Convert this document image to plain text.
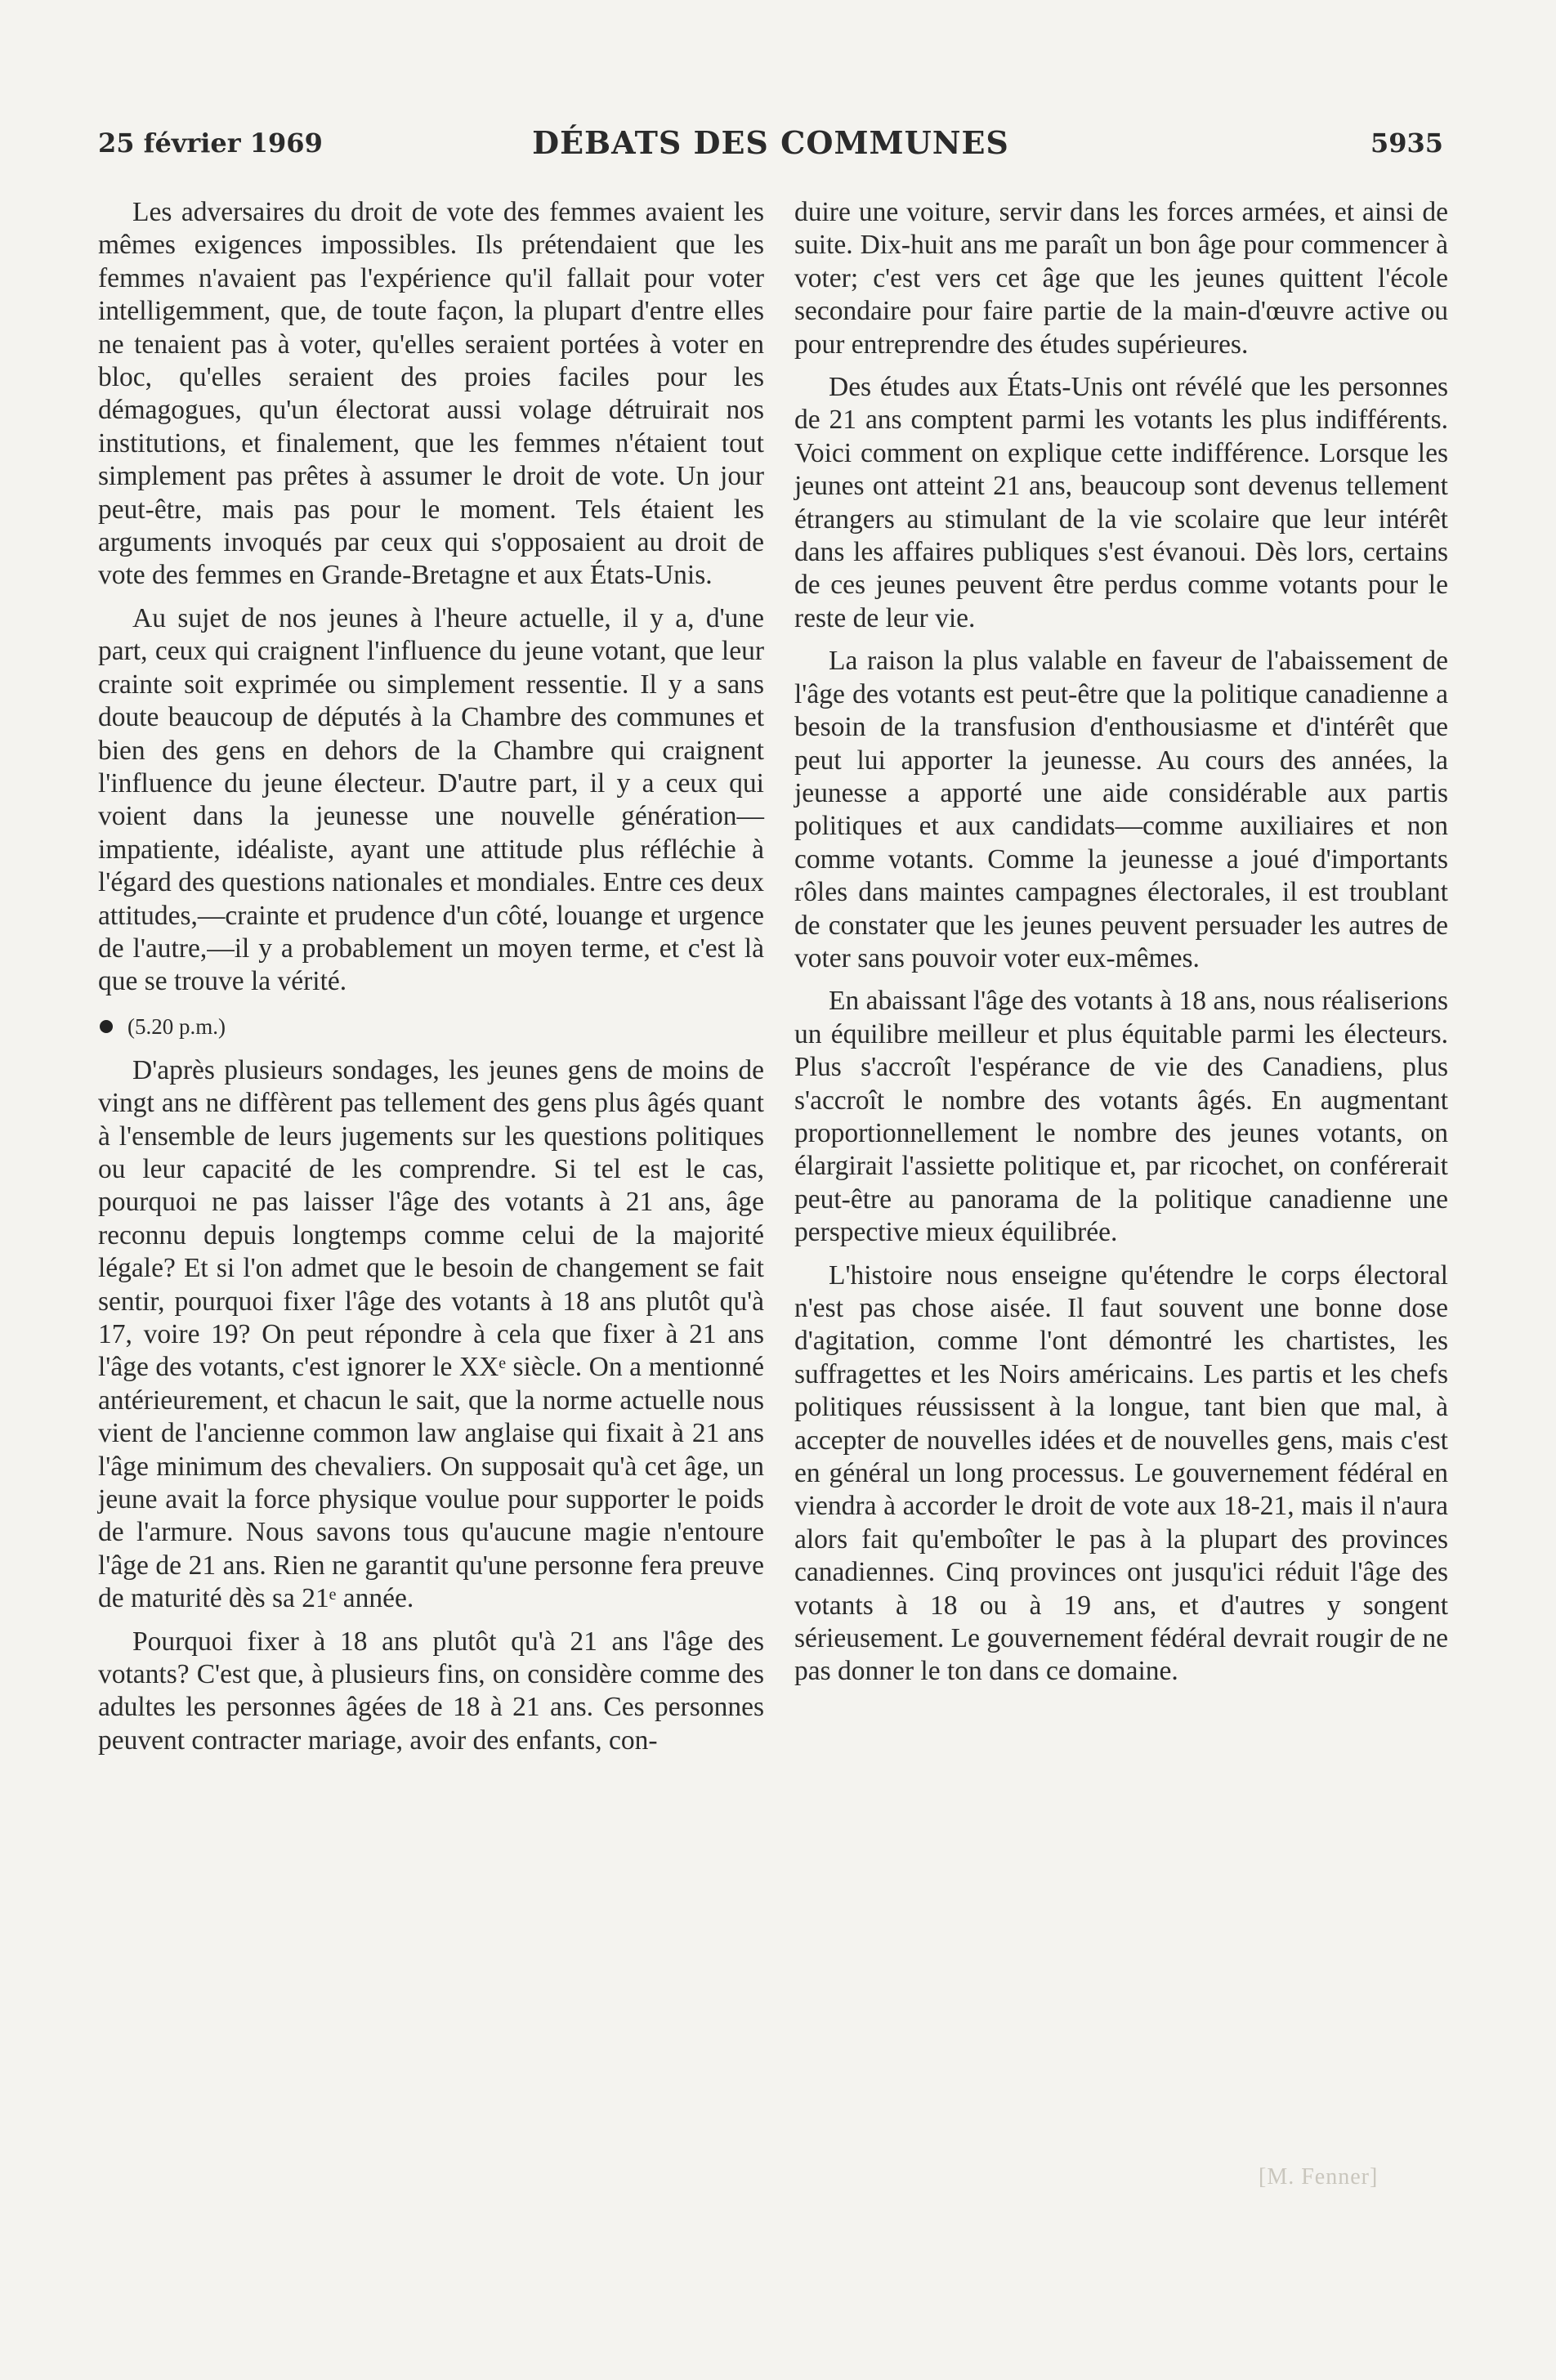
25 février 1969	DÉBATS DES COMMUNES	5935

Les adversaires du droit de vote des femmes avaient les mêmes exigences impossibles. Ils prétendaient que les femmes n'avaient pas l'expérience qu'il fallait pour voter intelligemment, que, de toute façon, la plupart d'entre elles ne tenaient pas à voter, qu'elles seraient portées à voter en bloc, qu'elles seraient des proies faciles pour les démagogues, qu'un électorat aussi volage détruirait nos institutions, et finalement, que les femmes n'étaient tout simplement pas prêtes à assumer le droit de vote. Un jour peut-être, mais pas pour le moment. Tels étaient les arguments invoqués par ceux qui s'opposaient au droit de vote des femmes en Grande-Bretagne et aux États-Unis.

Au sujet de nos jeunes à l'heure actuelle, il y a, d'une part, ceux qui craignent l'influence du jeune votant, que leur crainte soit exprimée ou simplement ressentie. Il y a sans doute beaucoup de députés à la Chambre des communes et bien des gens en dehors de la Chambre qui craignent l'influence du jeune électeur. D'autre part, il y a ceux qui voient dans la jeunesse une nouvelle génération— impatiente, idéaliste, ayant une attitude plus réfléchie à l'égard des questions nationales et mondiales. Entre ces deux attitudes,—crainte et prudence d'un côté, louange et urgence de l'autre,—il y a probablement un moyen terme, et c'est là que se trouve la vérité.

(5.20 p.m.)

D'après plusieurs sondages, les jeunes gens de moins de vingt ans ne diffèrent pas tellement des gens plus âgés quant à l'ensemble de leurs jugements sur les questions politiques ou leur capacité de les comprendre. Si tel est le cas, pourquoi ne pas laisser l'âge des votants à 21 ans, âge reconnu depuis longtemps comme celui de la majorité légale? Et si l'on admet que le besoin de changement se fait sentir, pourquoi fixer l'âge des votants à 18 ans plutôt qu'à 17, voire 19? On peut répondre à cela que fixer à 21 ans l'âge des votants, c'est ignorer le XXᵉ siècle. On a mentionné antérieurement, et chacun le sait, que la norme actuelle nous vient de l'ancienne common law anglaise qui fixait à 21 ans l'âge minimum des chevaliers. On supposait qu'à cet âge, un jeune avait la force physique voulue pour supporter le poids de l'armure. Nous savons tous qu'aucune magie n'entoure l'âge de 21 ans. Rien ne garantit qu'une personne fera preuve de maturité dès sa 21ᵉ année.

Pourquoi fixer à 18 ans plutôt qu'à 21 ans l'âge des votants? C'est que, à plusieurs fins, on considère comme des adultes les personnes âgées de 18 à 21 ans. Ces personnes peuvent contracter mariage, avoir des enfants, con-

duire une voiture, servir dans les forces armées, et ainsi de suite. Dix-huit ans me paraît un bon âge pour commencer à voter; c'est vers cet âge que les jeunes quittent l'école secondaire pour faire partie de la main-d'œuvre active ou pour entreprendre des études supérieures.

Des études aux États-Unis ont révélé que les personnes de 21 ans comptent parmi les votants les plus indifférents. Voici comment on explique cette indifférence. Lorsque les jeunes ont atteint 21 ans, beaucoup sont devenus tellement étrangers au stimulant de la vie scolaire que leur intérêt dans les affaires publiques s'est évanoui. Dès lors, certains de ces jeunes peuvent être perdus comme votants pour le reste de leur vie.

La raison la plus valable en faveur de l'abaissement de l'âge des votants est peut-être que la politique canadienne a besoin de la transfusion d'enthousiasme et d'intérêt que peut lui apporter la jeunesse. Au cours des années, la jeunesse a apporté une aide considérable aux partis politiques et aux candidats—comme auxiliaires et non comme votants. Comme la jeunesse a joué d'importants rôles dans maintes campagnes électorales, il est troublant de constater que les jeunes peuvent persuader les autres de voter sans pouvoir voter eux-mêmes.

En abaissant l'âge des votants à 18 ans, nous réaliserions un équilibre meilleur et plus équitable parmi les électeurs. Plus s'accroît l'espérance de vie des Canadiens, plus s'accroît le nombre des votants âgés. En augmentant proportionnellement le nombre des jeunes votants, on élargirait l'assiette politique et, par ricochet, on conférerait peut-être au panorama de la politique canadienne une perspective mieux équilibrée.

L'histoire nous enseigne qu'étendre le corps électoral n'est pas chose aisée. Il faut souvent une bonne dose d'agitation, comme l'ont démontré les chartistes, les suffragettes et les Noirs américains. Les partis et les chefs politiques réussissent à la longue, tant bien que mal, à accepter de nouvelles idées et de nouvelles gens, mais c'est en général un long processus. Le gouvernement fédéral en viendra à accorder le droit de vote aux 18-21, mais il n'aura alors fait qu'emboîter le pas à la plupart des provinces canadiennes. Cinq provinces ont jusqu'ici réduit l'âge des votants à 18 ou à 19 ans, et d'autres y songent sérieusement. Le gouvernement fédéral devrait rougir de ne pas donner le ton dans ce domaine.

[M. Fenner]
